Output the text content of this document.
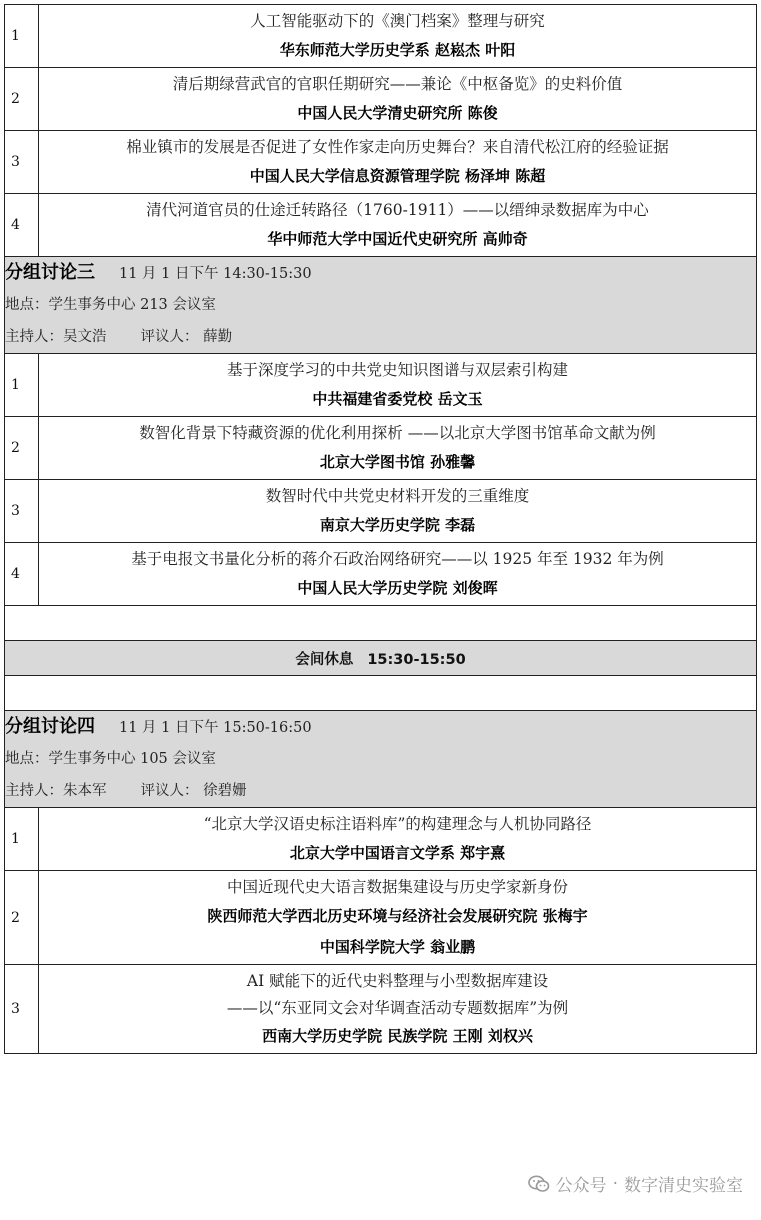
1	人工智能驱动下的《澳门档案》整理与研究
华东师范大学历史学系 赵崧杰 叶阳

2	清后期绿营武官的官职任期研究——兼论《中枢备览》的史料价值
中国人民大学清史研究所 陈俊

3	棉业镇市的发展是否促进了女性作家走向历史舞台？来自清代松江府的经验证据
中国人民大学信息资源管理学院 杨泽坤 陈超

4	清代河道官员的仕途迁转路径（1760-1911）——以缙绅录数据库为中心
华中师范大学中国近代史研究所 高帅奇

分组讨论三 11 月 1 日下午 14:30-15:30
地点：学生事务中心 213 会议室
主持人：吴文浩 评议人： 薛勤	

1	基于深度学习的中共党史知识图谱与双层索引构建
中共福建省委党校 岳文玉

2	数智化背景下特藏资源的优化利用探析 ——以北京大学图书馆革命文献为例
北京大学图书馆 孙雅馨

3	数智时代中共党史材料开发的三重维度
南京大学历史学院 李磊

4	基于电报文书量化分析的蒋介石政治网络研究——以 1925 年至 1932 年为例
中国人民大学历史学院 刘俊晖

会间休息 15:30-15:50	

分组讨论四 11 月 1 日下午 15:50-16:50
地点：学生事务中心 105 会议室
主持人：朱本军 评议人： 徐碧姗	

1	“北京大学汉语史标注语料库”的构建理念与人机协同路径
北京大学中国语言文学系 郑宇熹

2	中国近现代史大语言数据集建设与历史学家新身份
陕西师范大学西北历史环境与经济社会发展研究院 张梅宇
中国科学院大学 翁业鹏

3	AI 赋能下的近代史料整理与小型数据库建设
——以“东亚同文会对华调查活动专题数据库”为例
西南大学历史学院 民族学院 王刚 刘权兴
公众号 · 数字清史实验室
